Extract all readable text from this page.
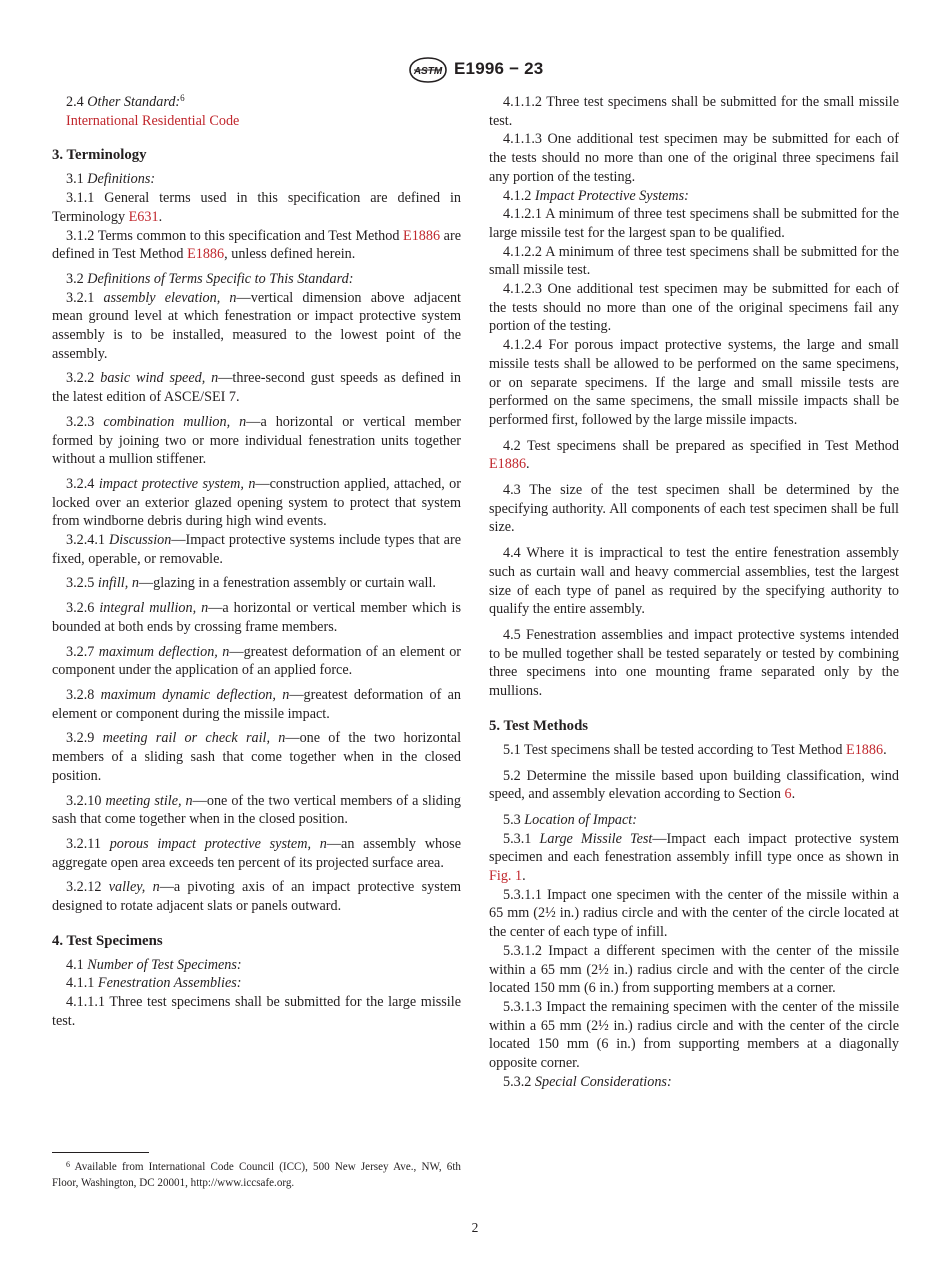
ASTM E1996 − 23

2.4 Other Standard:$^6$

International Residential Code

3. Terminology

3.1 Definitions:

3.1.1 General terms used in this specification are defined in Terminology E631.

3.1.2 Terms common to this specification and Test Method E1886 are defined in Test Method E1886, unless defined herein.

3.2 Definitions of Terms Specific to This Standard:

3.2.1 assembly elevation, n—vertical dimension above adjacent mean ground level at which fenestration or impact protective system assembly is to be installed, measured to the lowest point of the assembly.

3.2.2 basic wind speed, n—three-second gust speeds as defined in the latest edition of ASCE/SEI 7.

3.2.3 combination mullion, n—a horizontal or vertical member formed by joining two or more individual fenestration units together without a mullion stiffener.

3.2.4 impact protective system, n—construction applied, attached, or locked over an exterior glazed opening system to protect that system from windborne debris during high wind events.

3.2.4.1 Discussion—Impact protective systems include types that are fixed, operable, or removable.

3.2.5 infill, n—glazing in a fenestration assembly or curtain wall.

3.2.6 integral mullion, n—a horizontal or vertical member which is bounded at both ends by crossing frame members.

3.2.7 maximum deflection, n—greatest deformation of an element or component under the application of an applied force.

3.2.8 maximum dynamic deflection, n—greatest deformation of an element or component during the missile impact.

3.2.9 meeting rail or check rail, n—one of the two horizontal members of a sliding sash that come together when in the closed position.

3.2.10 meeting stile, n—one of the two vertical members of a sliding sash that come together when in the closed position.

3.2.11 porous impact protective system, n—an assembly whose aggregate open area exceeds ten percent of its projected surface area.

3.2.12 valley, n—a pivoting axis of an impact protective system designed to rotate adjacent slats or panels outward.

4. Test Specimens

4.1 Number of Test Specimens:

4.1.1 Fenestration Assemblies:

4.1.1.1 Three test specimens shall be submitted for the large missile test.

4.1.1.2 Three test specimens shall be submitted for the small missile test.

4.1.1.3 One additional test specimen may be submitted for each of the tests should no more than one of the original three specimens fail any portion of the testing.

4.1.2 Impact Protective Systems:

4.1.2.1 A minimum of three test specimens shall be submitted for the large missile test for the largest span to be qualified.

4.1.2.2 A minimum of three test specimens shall be submitted for the small missile test.

4.1.2.3 One additional test specimen may be submitted for each of the tests should no more than one of the original specimens fail any portion of the testing.

4.1.2.4 For porous impact protective systems, the large and small missile tests shall be allowed to be performed on the same specimens, or on separate specimens. If the large and small missile tests are performed on the same specimens, the small missile impacts shall be performed first, followed by the large missile impacts.

4.2 Test specimens shall be prepared as specified in Test Method E1886.

4.3 The size of the test specimen shall be determined by the specifying authority. All components of each test specimen shall be full size.

4.4 Where it is impractical to test the entire fenestration assembly such as curtain wall and heavy commercial assemblies, test the largest size of each type of panel as required by the specifying authority to qualify the entire assembly.

4.5 Fenestration assemblies and impact protective systems intended to be mulled together shall be tested separately or tested by combining three specimens into one mounting frame separated only by the mullions.

5. Test Methods

5.1 Test specimens shall be tested according to Test Method E1886.

5.2 Determine the missile based upon building classification, wind speed, and assembly elevation according to Section 6.

5.3 Location of Impact:

5.3.1 Large Missile Test—Impact each impact protective system specimen and each fenestration assembly infill type once as shown in Fig. 1.

5.3.1.1 Impact one specimen with the center of the missile within a 65 mm (2½ in.) radius circle and with the center of the circle located at the center of each type of infill.

5.3.1.2 Impact a different specimen with the center of the missile within a 65 mm (2½ in.) radius circle and with the center of the circle located 150 mm (6 in.) from supporting members at a corner.

5.3.1.3 Impact the remaining specimen with the center of the missile within a 65 mm (2½ in.) radius circle and with the center of the circle located 150 mm (6 in.) from supporting members at a diagonally opposite corner.

5.3.2 Special Considerations:

$^6$ Available from International Code Council (ICC), 500 New Jersey Ave., NW, 6th Floor, Washington, DC 20001, http://www.iccsafe.org.
2
